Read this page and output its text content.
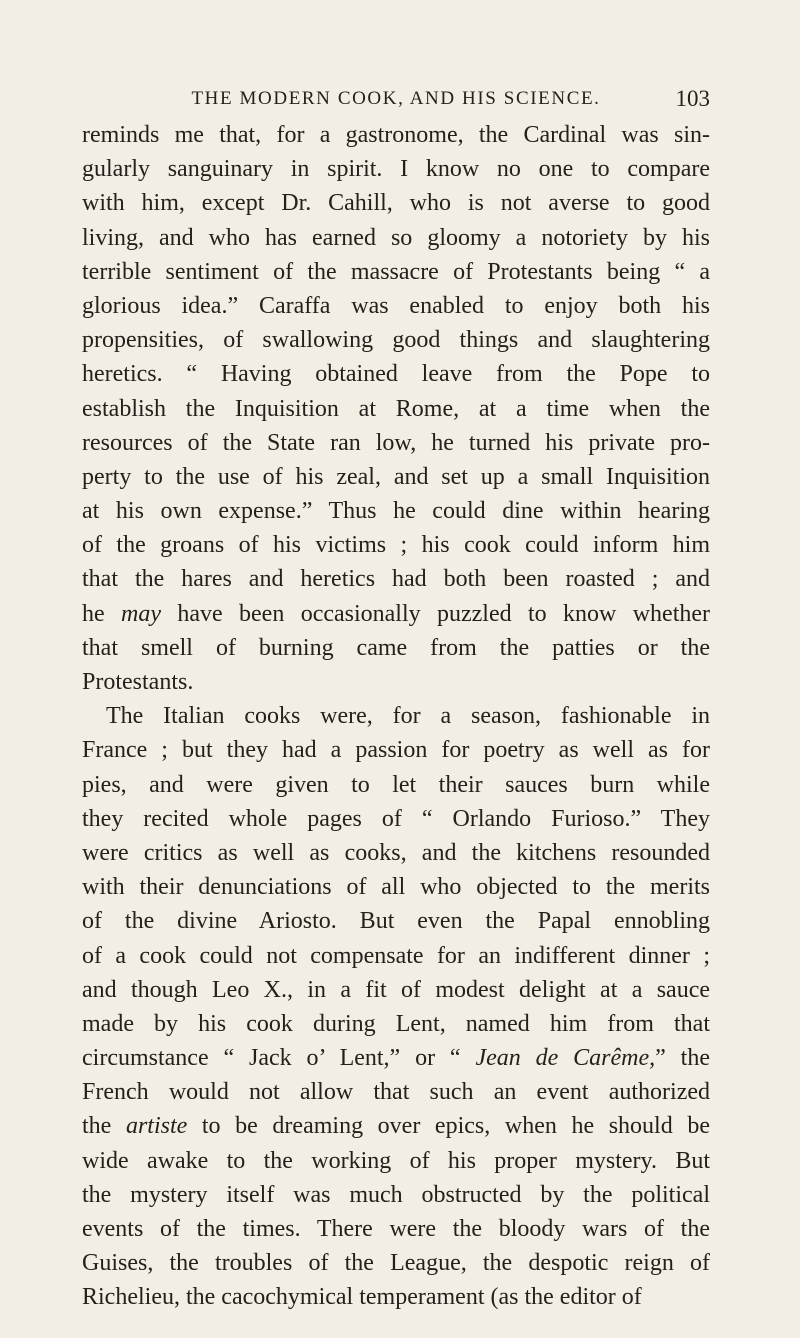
THE MODERN COOK, AND HIS SCIENCE.	103
reminds me that, for a gastronome, the Cardinal was sin-
gularly sanguinary in spirit. I know no one to compare
with him, except Dr. Cahill, who is not averse to good
living, and who has earned so gloomy a notoriety by his
terrible sentiment of the massacre of Protestants being “ a
glorious idea.” Caraffa was enabled to enjoy both his
propensities, of swallowing good things and slaughtering
heretics. “ Having obtained leave from the Pope to
establish the Inquisition at Rome, at a time when the
resources of the State ran low, he turned his private pro-
perty to the use of his zeal, and set up a small Inquisition
at his own expense.” Thus he could dine within hearing
of the groans of his victims ; his cook could inform him
that the hares and heretics had both been roasted ; and
he may have been occasionally puzzled to know whether
that smell of burning came from the patties or the
Protestants.
The Italian cooks were, for a season, fashionable in
France ; but they had a passion for poetry as well as for
pies, and were given to let their sauces burn while
they recited whole pages of “ Orlando Furioso.” They
were critics as well as cooks, and the kitchens resounded
with their denunciations of all who objected to the merits
of the divine Ariosto. But even the Papal ennobling
of a cook could not compensate for an indifferent dinner ;
and though Leo X., in a fit of modest delight at a sauce
made by his cook during Lent, named him from that
circumstance “ Jack o’ Lent,” or “ Jean de Carême,” the
French would not allow that such an event authorized
the artiste to be dreaming over epics, when he should be
wide awake to the working of his proper mystery. But
the mystery itself was much obstructed by the political
events of the times. There were the bloody wars of the
Guises, the troubles of the League, the despotic reign of
Richelieu, the cacochymical temperament (as the editor of
